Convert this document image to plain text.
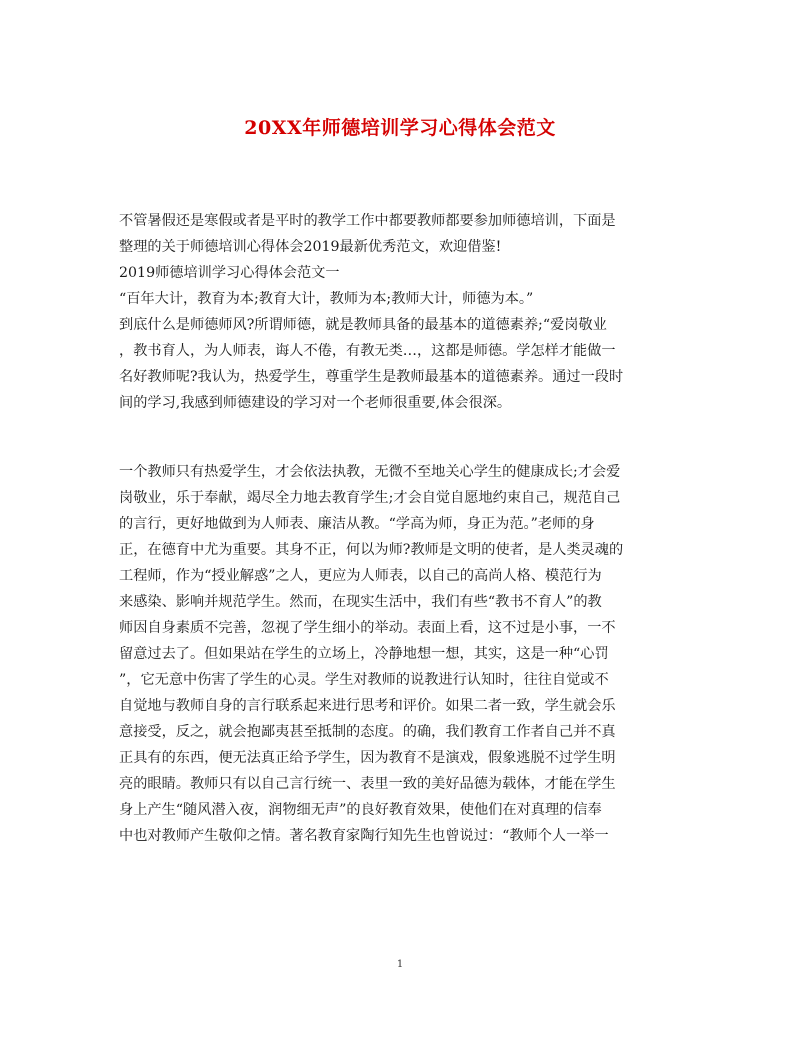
20XX年师德培训学习心得体会范文
不管暑假还是寒假或者是平时的教学工作中都要教师都要参加师德培训，下面是
整理的关于师德培训心得体会2019最新优秀范文，欢迎借鉴!
2019师德培训学习心得体会范文一
“百年大计，教育为本;教育大计，教师为本;教师大计，师德为本。”
到底什么是师德师风?所谓师德，就是教师具备的最基本的道德素养;“爱岗敬业
，教书育人，为人师表，诲人不倦，有教无类…，这都是师德。学怎样才能做一
名好教师呢?我认为，热爱学生，尊重学生是教师最基本的道德素养。通过一段时
间的学习,我感到师德建设的学习对一个老师很重要,体会很深。
一个教师只有热爱学生，才会依法执教，无微不至地关心学生的健康成长;才会爱
岗敬业，乐于奉献，竭尽全力地去教育学生;才会自觉自愿地约束自己，规范自己
的言行，更好地做到为人师表、廉洁从教。“学高为师，身正为范。”老师的身
正，在德育中尤为重要。其身不正，何以为师?教师是文明的使者，是人类灵魂的
工程师，作为“授业解惑”之人，更应为人师表，以自己的高尚人格、模范行为
来感染、影响并规范学生。然而，在现实生活中，我们有些“教书不育人”的教
师因自身素质不完善，忽视了学生细小的举动。表面上看，这不过是小事，一不
留意过去了。但如果站在学生的立场上，冷静地想一想，其实，这是一种“心罚
”，它无意中伤害了学生的心灵。学生对教师的说教进行认知时，往往自觉或不
自觉地与教师自身的言行联系起来进行思考和评价。如果二者一致，学生就会乐
意接受，反之，就会抱鄙夷甚至抵制的态度。的确，我们教育工作者自己并不真
正具有的东西，便无法真正给予学生，因为教育不是演戏，假象逃脱不过学生明
亮的眼睛。教师只有以自己言行统一、表里一致的美好品德为载体，才能在学生
身上产生“随风潜入夜，润物细无声”的良好教育效果，使他们在对真理的信奉
中也对教师产生敬仰之情。著名教育家陶行知先生也曾说过：“教师个人一举一
1
